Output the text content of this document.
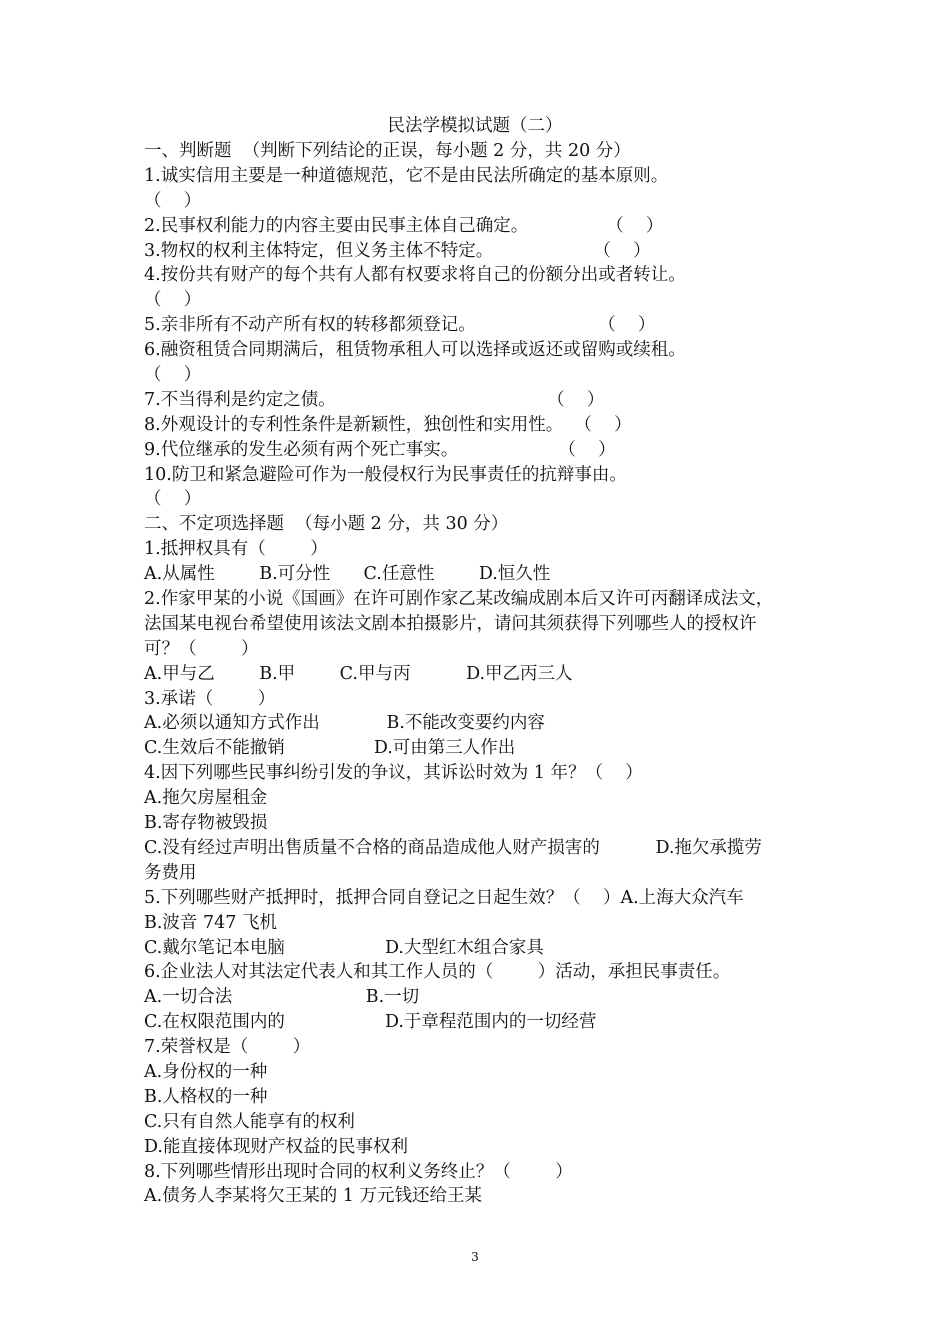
民法学模拟试题（二）
一、判断题  （判断下列结论的正误，每小题 2 分，共 20 分）
1.诚实信用主要是一种道德规范，它不是由民法所确定的基本原则。
（    ）
2.民事权利能力的内容主要由民事主体自己确定。              （    ）
3.物权的权利主体特定，但义务主体不特定。                  （    ）
4.按份共有财产的每个共有人都有权要求将自己的份额分出或者转让。
（    ）
5.亲非所有不动产所有权的转移都须登记。                      （    ）
6.融资租赁合同期满后，租赁物承租人可以选择或返还或留购或续租。
（    ）
7.不当得利是约定之债。                                      （    ）
8.外观设计的专利性条件是新颖性，独创性和实用性。  （    ）
9.代位继承的发生必须有两个死亡事实。                  （    ）
10.防卫和紧急避险可作为一般侵权行为民事责任的抗辩事由。
（    ）
二、不定项选择题  （每小题 2 分，共 30 分）
1.抵押权具有（        ）
A.从属性        B.可分性      C.任意性        D.恒久性
2.作家甲某的小说《国画》在许可剧作家乙某改编成剧本后又许可丙翻译成法文，
法国某电视台希望使用该法文剧本拍摄影片，请问其须获得下列哪些人的授权许
可？（        ）
A.甲与乙        B.甲        C.甲与丙          D.甲乙丙三人
3.承诺（        ）
A.必须以通知方式作出            B.不能改变要约内容
C.生效后不能撤销                D.可由第三人作出
4.因下列哪些民事纠纷引发的争议，其诉讼时效为 1 年？（    ）
A.拖欠房屋租金
B.寄存物被毁损
C.没有经过声明出售质量不合格的商品造成他人财产损害的          D.拖欠承揽劳
务费用
5.下列哪些财产抵押时，抵押合同自登记之日起生效？（    ）A.上海大众汽车
B.波音 747 飞机
C.戴尔笔记本电脑                  D.大型红木组合家具
6.企业法人对其法定代表人和其工作人员的（        ）活动，承担民事责任。
A.一切合法                        B.一切
C.在权限范围内的                  D.于章程范围内的一切经营
7.荣誉权是（        ）
A.身份权的一种
B.人格权的一种
C.只有自然人能享有的权利
D.能直接体现财产权益的民事权利
8.下列哪些情形出现时合同的权利义务终止？（        ）
A.债务人李某将欠王某的 1 万元钱还给王某
3
